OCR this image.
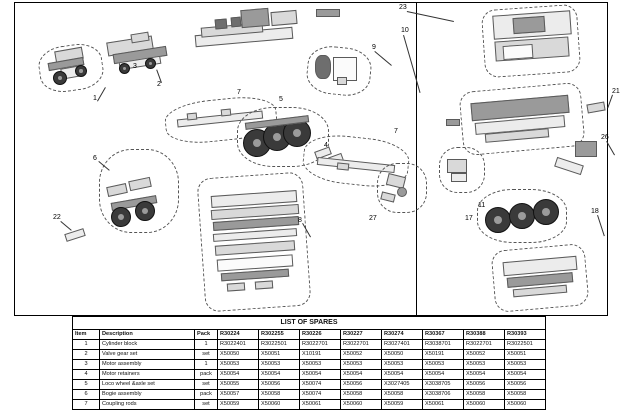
1
2
3
6
22
7
5
8
9
10
23
4
7
27
11
17
18
21
26
LIST OF SPARES										
Item	Description	Pack	R30224	R302255	R30226	R30227	R30274	R30367	R30388	R30393
1	Cylinder block	1	R3022401	R3022501	R3022701	R3022701	R3027401	R3038701	R3022701	R3022501
2	Valve gear set	set	X50050	X50051	X10191	X50052	X50050	X50191	X50052	X50051
3	Motor assembly	1	X50053	X50053	X50053	X50053	X50053	X50053	X50053	X50053
4	Motor retainers	pack	X50054	X50054	X50054	X50054	X50054	X50054	X50054	X50054
5	Loco wheel &axle set	set	X50055	X50056	X50074	X50056	X3027405	X3038705	X50056	X50056
6	Bogie assembly	pack	X50057	X50058	X50074	X50058	X50058	X3038706	X50058	X50058
7	Coupling rods	set	X50059	X50060	X50061	X50060	X50059	X50061	X50060	X50060
